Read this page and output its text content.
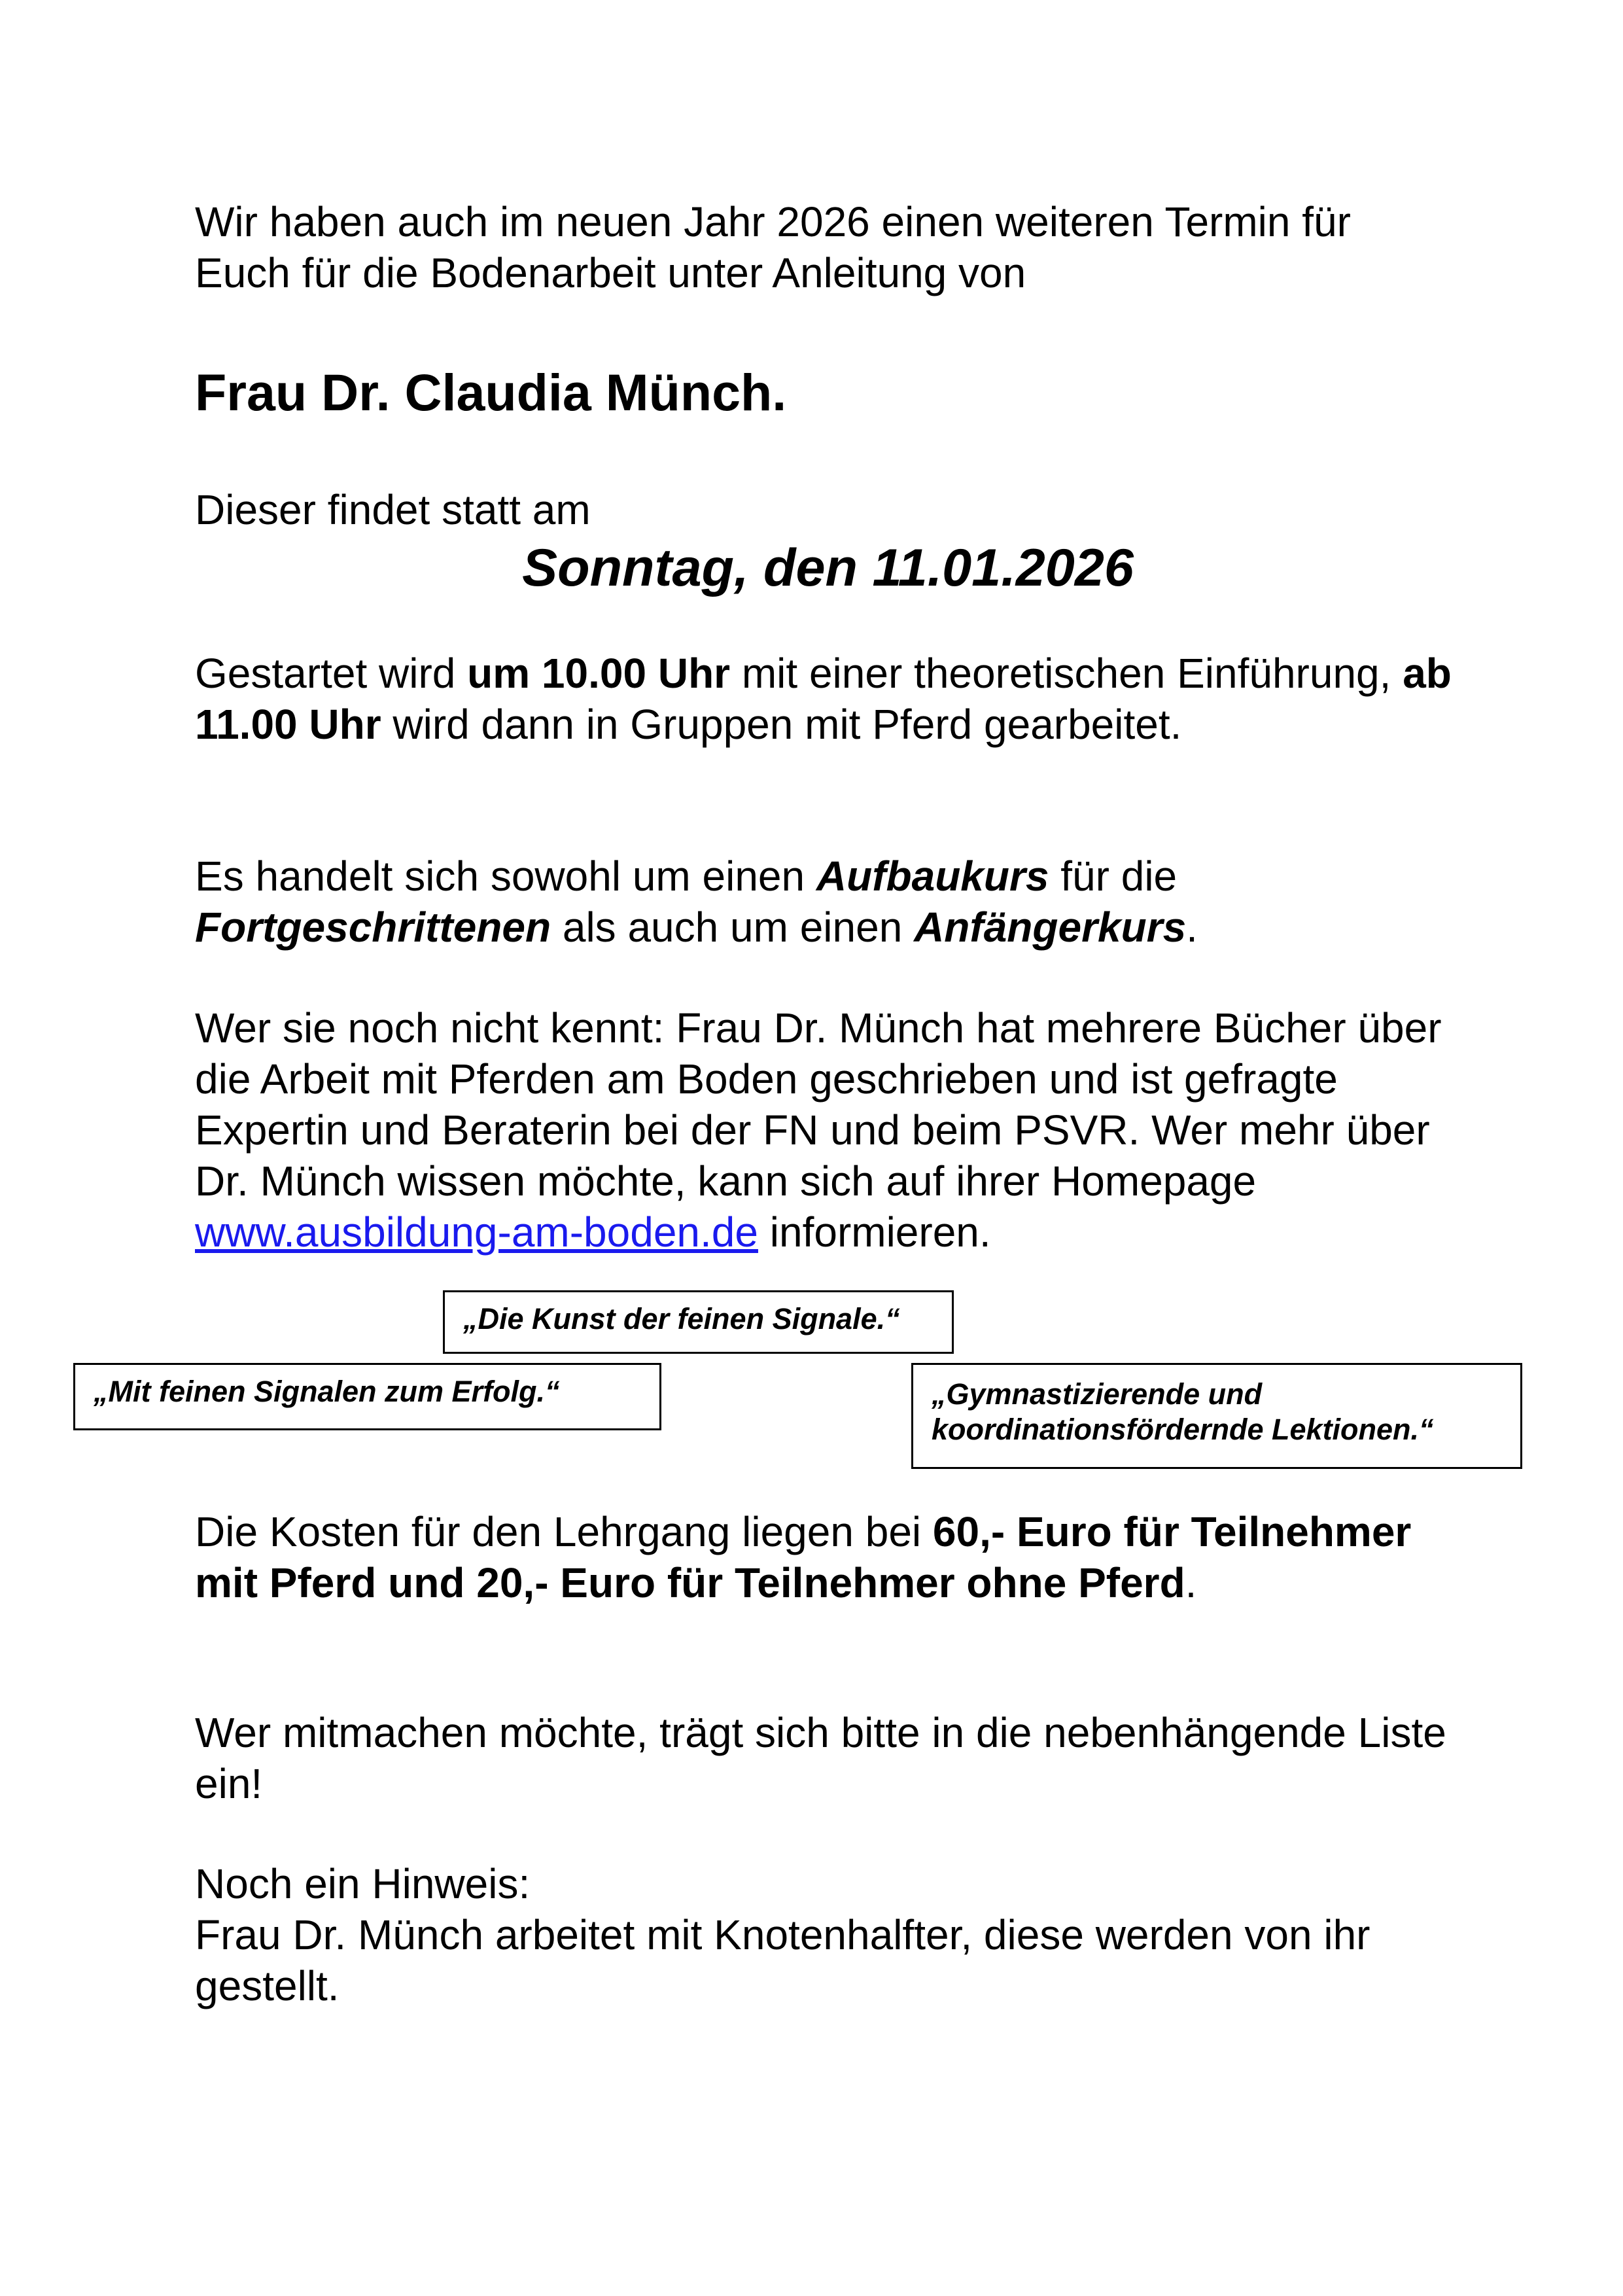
Wir haben auch im neuen Jahr 2026 einen weiteren Termin für
Euch für die Bodenarbeit unter Anleitung von

Frau Dr. Claudia Münch.

Dieser findet statt am

Sonntag, den 11.01.2026

Gestartet wird um 10.00 Uhr mit einer theoretischen Einführung, ab 11.00 Uhr wird dann in Gruppen mit Pferd gearbeitet.

Es handelt sich sowohl um einen Aufbaukurs für die Fortgeschrittenen als auch um einen Anfängerkurs.

Wer sie noch nicht kennt: Frau Dr. Münch hat mehrere Bücher über die Arbeit mit Pferden am Boden geschrieben und ist gefragte Expertin und Beraterin bei der FN und beim PSVR. Wer mehr über Dr. Münch wissen möchte, kann sich auf ihrer Homepage www.ausbildung-am-boden.de informieren.

„Die Kunst der feinen Signale.“
„Mit feinen Signalen zum Erfolg.“	„Gymnastizierende und
koordinationsfördernde Lektionen.“

Die Kosten für den Lehrgang liegen bei 60,- Euro für Teilnehmer mit Pferd und 20,- Euro für Teilnehmer ohne Pferd.

Wer mitmachen möchte, trägt sich bitte in die nebenhängende Liste ein!

Noch ein Hinweis:
Frau Dr. Münch arbeitet mit Knotenhalfter, diese werden von ihr gestellt.
